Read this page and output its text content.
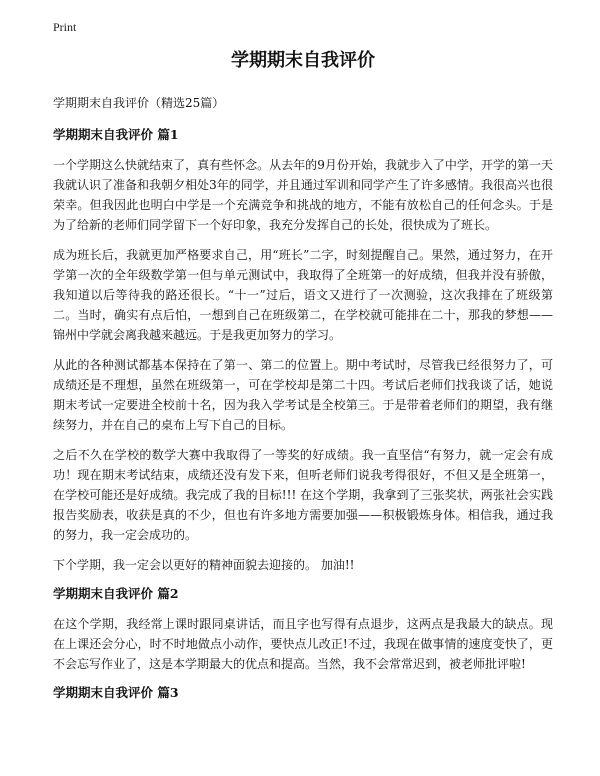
Print
学期期末自我评价

学期期末自我评价（精选25篇）

学期期末自我评价 篇1

一个学期这么快就结束了，真有些怀念。从去年的9月份开始，我就步入了中学，开学的第一天我就认识了准备和我朝夕相处3年的同学，并且通过军训和同学产生了许多感情。我很高兴也很荣幸。但我因此也明白中学是一个充满竞争和挑战的地方，不能有放松自己的任何念头。于是为了给新的老师们同学留下一个好印象，我充分发挥自己的长处，很快成为了班长。

成为班长后，我就更加严格要求自己，用“班长”二字，时刻提醒自己。果然，通过努力，在开学第一次的全年级数学第一但与单元测试中，我取得了全班第一的好成绩，但我并没有骄傲，我知道以后等待我的路还很长。“十一”过后，语文又进行了一次测验，这次我排在了班级第二。当时，确实有点后怕，一想到自己在班级第二，在学校就可能排在二十，那我的梦想——锦州中学就会离我越来越远。于是我更加努力的学习。

从此的各种测试都基本保持在了第一、第二的位置上。期中考试时，尽管我已经很努力了，可成绩还是不理想，虽然在班级第一，可在学校却是第二十四。考试后老师们找我谈了话，她说期末考试一定要进全校前十名，因为我入学考试是全校第三。于是带着老师们的期望，我有继续努力，并在自己的桌布上写下自己的目标。

之后不久在学校的数学大赛中我取得了一等奖的好成绩。我一直坚信“有努力，就一定会有成功！现在期末考试结束，成绩还没有发下来，但听老师们说我考得很好，不但又是全班第一，在学校可能还是好成绩。我完成了我的目标!!! 在这个学期，我拿到了三张奖状，两张社会实践报告奖励表，收获是真的不少，但也有许多地方需要加强——积极锻炼身体。相信我，通过我的努力，我一定会成功的。

下个学期，我一定会以更好的精神面貌去迎接的。 加油!!

学期期末自我评价 篇2

在这个学期，我经常上课时跟同桌讲话，而且字也写得有点退步，这两点是我最大的缺点。现在上课还会分心，时不时地做点小动作，要快点儿改正!不过，我现在做事情的速度变快了，更不会忘写作业了，这是本学期最大的优点和提高。当然，我不会常常迟到，被老师批评啦!

学期期末自我评价 篇3
